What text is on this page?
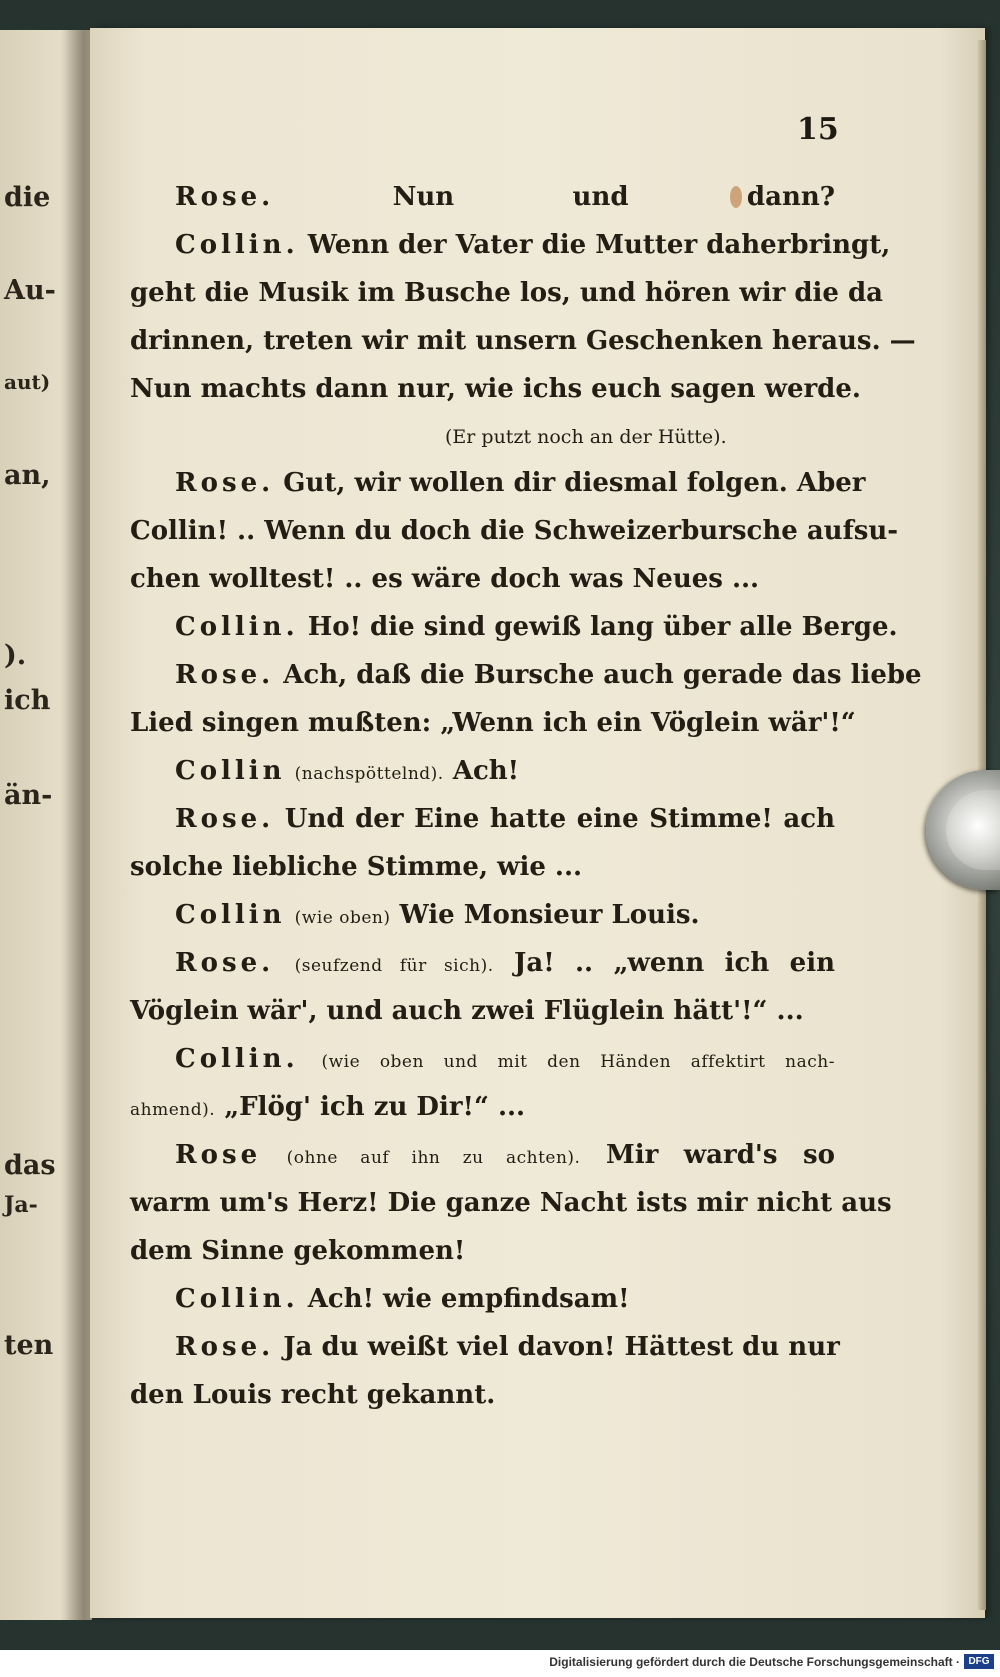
die
Au-
aut)
an,
).
ich
än-
das
Ja-
ten
15
Rose.	Nun und dann?
Collin. Wenn der Vater die Mutter daherbringt,
geht die Musik im Busche los, und hören wir die da
drinnen, treten wir mit unsern Geschenken heraus. —
Nun machts dann nur, wie ichs euch sagen werde.
(Er putzt noch an der Hütte).
Rose. Gut, wir wollen dir diesmal folgen. Aber
Collin! .. Wenn du doch die Schweizerbursche aufsu-
chen wolltest! .. es wäre doch was Neues ...
Collin. Ho! die sind gewiß lang über alle Berge.
Rose. Ach, daß die Bursche auch gerade das liebe
Lied singen mußten: „Wenn ich ein Vöglein wär'!“
Collin (nachspöttelnd). Ach!
Rose. Und der Eine hatte eine Stimme! ach
solche liebliche Stimme, wie ...
Collin (wie oben) Wie Monsieur Louis.
Rose. (seufzend für sich). Ja! .. „wenn ich ein
Vöglein wär', und auch zwei Flüglein hätt'!“ ...
Collin. (wie oben und mit den Händen affektirt nach-
ahmend). „Flög' ich zu Dir!“ ...
Rose (ohne auf ihn zu achten). Mir ward's so
warm um's Herz! Die ganze Nacht ists mir nicht aus
dem Sinne gekommen!
Collin. Ach! wie empfindsam!
Rose. Ja du weißt viel davon! Hättest du nur
den Louis recht gekannt.
Digitalisierung gefördert durch die Deutsche Forschungsgemeinschaft · DFG
